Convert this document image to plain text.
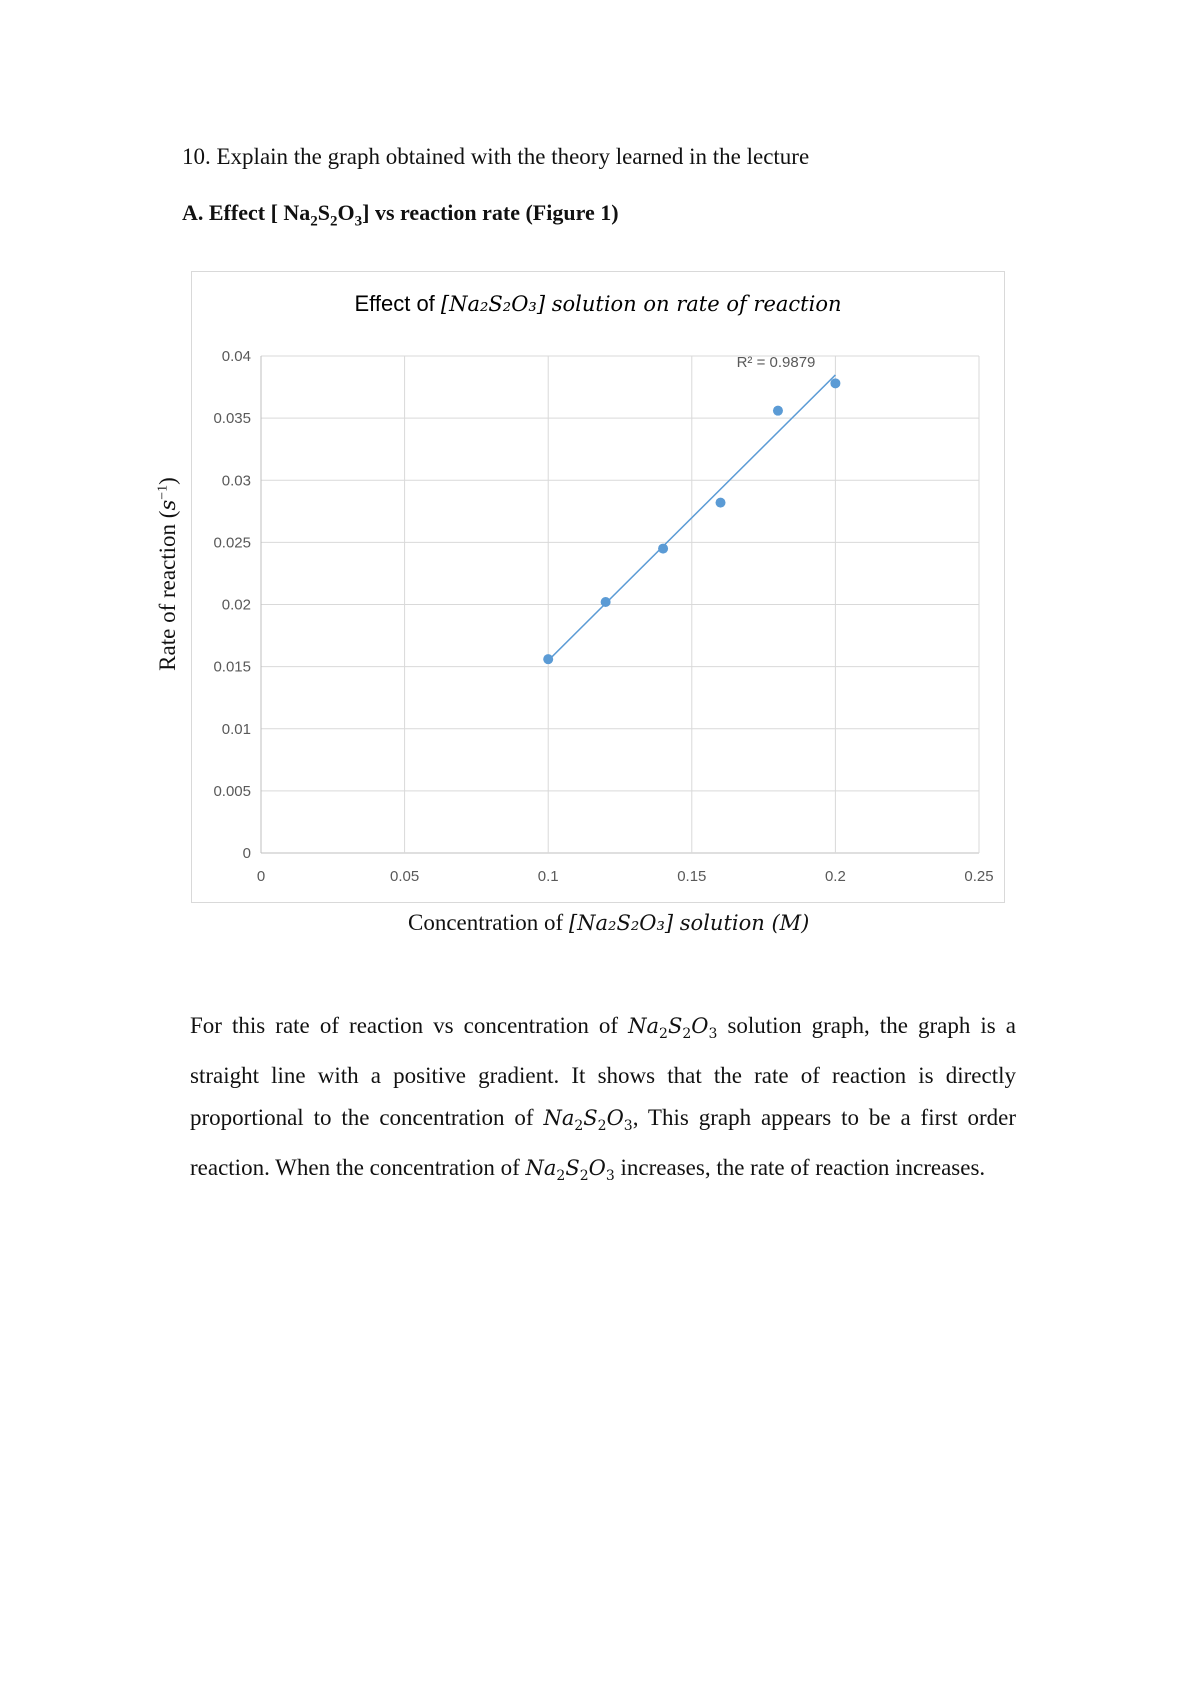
10. Explain the graph obtained with the theory learned in the lecture
A. Effect [ $Na_2S_2O_3$] vs reaction rate (Figure 1)
Effect of [Na₂S₂O₃] solution on rate of reaction
0
0.005
0.01
0.015
0.02
0.025
0.03
0.035
0.04
0	0.05	0.1	0.15	0.2	0.25
R² = 0.9879
Rate of reaction $(s^{-1})$
Concentration of [Na₂S₂O₃] solution (M)

For this rate of reaction vs concentration of $Na_2S_2O_3$ solution graph, the graph is a straight line with a positive gradient. It shows that the rate of reaction is directly proportional to the concentration of $Na_2S_2O_3$, This graph appears to be a first order reaction. When the concentration of $Na_2S_2O_3$ increases, the rate of reaction increases.
